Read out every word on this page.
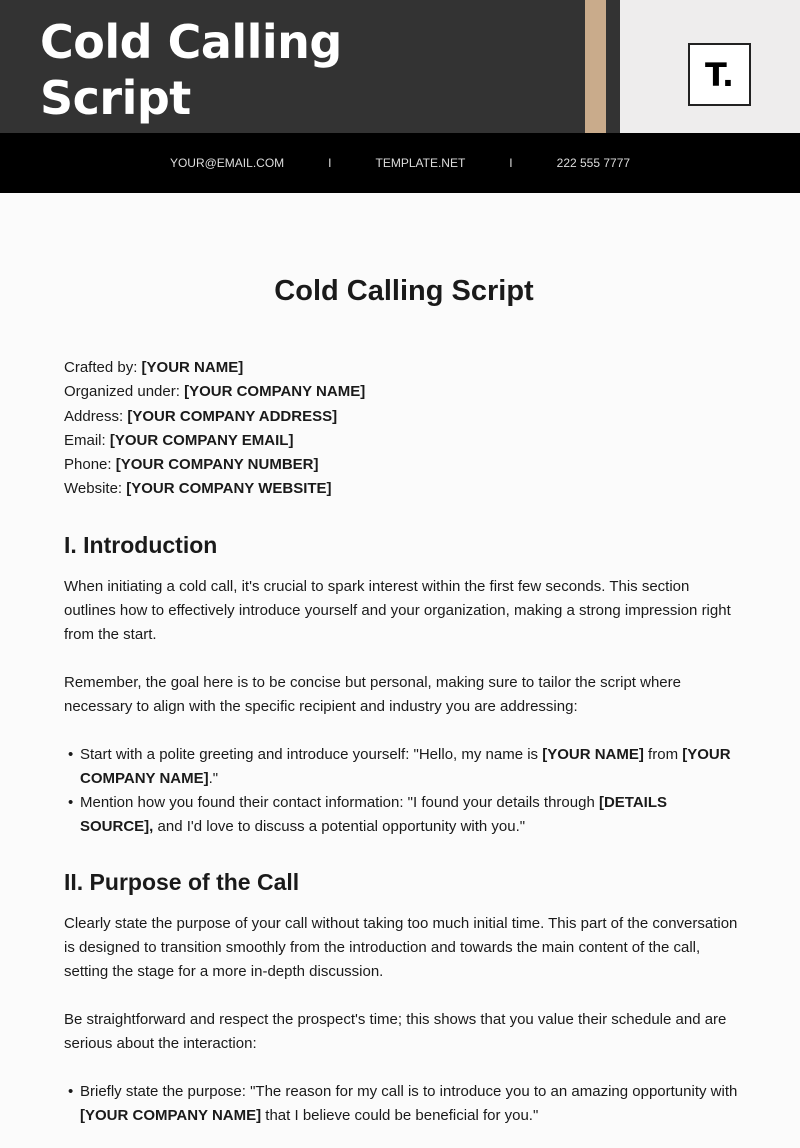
Cold Calling
Script	T.
YOUR@EMAIL.COM	I	TEMPLATE.NET	I	222 555 7777
Cold Calling Script
Crafted by: [YOUR NAME]
Organized under: [YOUR COMPANY NAME]
Address: [YOUR COMPANY ADDRESS]
Email: [YOUR COMPANY EMAIL]
Phone: [YOUR COMPANY NUMBER]
Website: [YOUR COMPANY WEBSITE]
I. Introduction

When initiating a cold call, it's crucial to spark interest within the first few seconds. This section outlines how to effectively introduce yourself and your organization, making a strong impression right from the start.

Remember, the goal here is to be concise but personal, making sure to tailor the script where necessary to align with the specific recipient and industry you are addressing:

• Start with a polite greeting and introduce yourself: "Hello, my name is [YOUR NAME] from [YOUR COMPANY NAME]."
• Mention how you found their contact information: "I found your details through [DETAILS SOURCE], and I'd love to discuss a potential opportunity with you."
II. Purpose of the Call

Clearly state the purpose of your call without taking too much initial time. This part of the conversation is designed to transition smoothly from the introduction and towards the main content of the call, setting the stage for a more in-depth discussion.

Be straightforward and respect the prospect's time; this shows that you value their schedule and are serious about the interaction:

• Briefly state the purpose: "The reason for my call is to introduce you to an amazing opportunity with [YOUR COMPANY NAME] that I believe could be beneficial for you."
